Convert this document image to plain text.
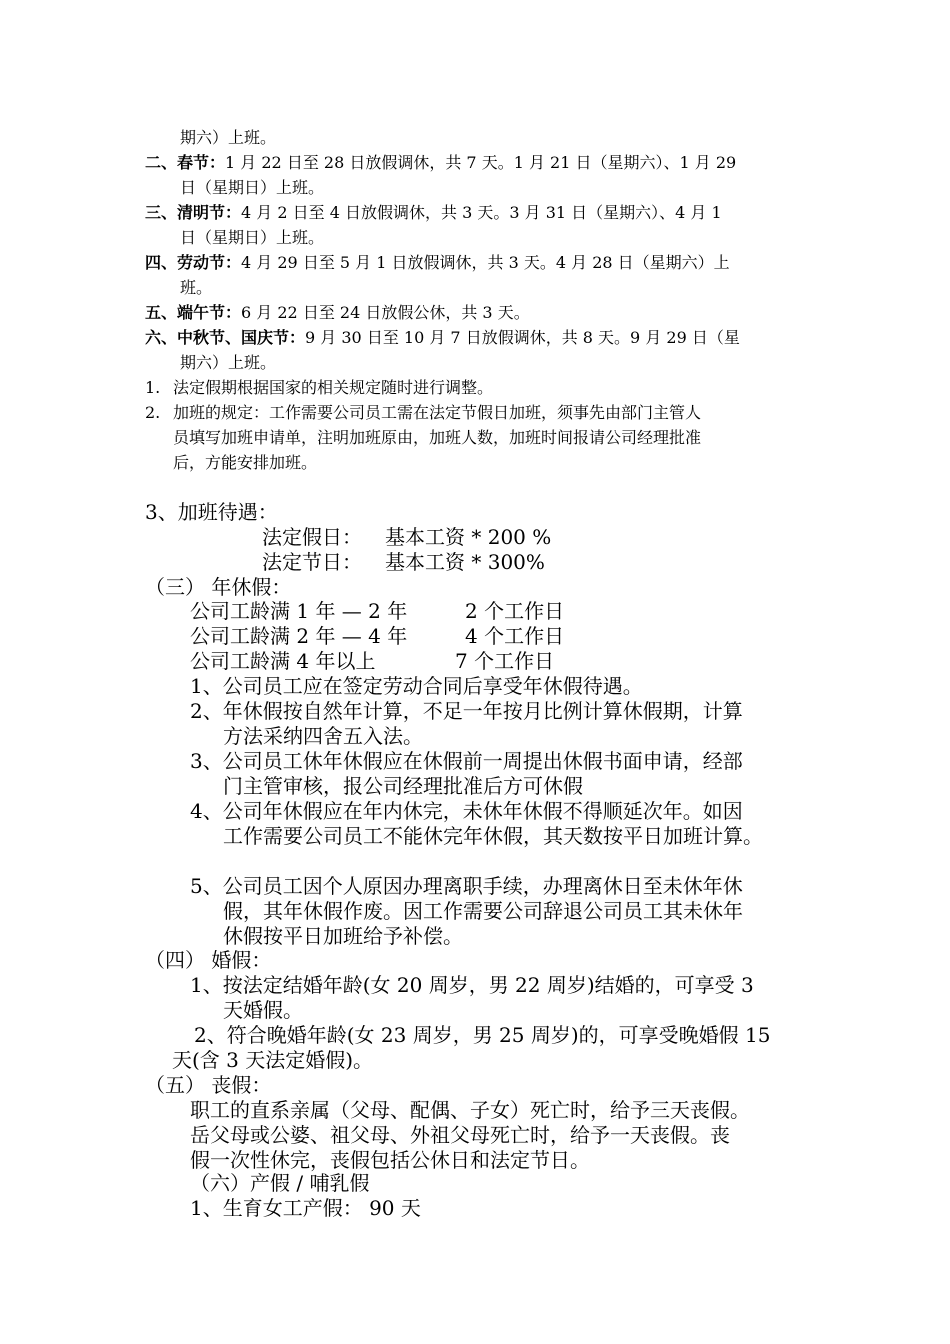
期六）上班。
二、春节：1 月 22 日至 28 日放假调休，共 7 天。1 月 21 日（星期六）、1 月 29
日（星期日）上班。
三、清明节：4 月 2 日至 4 日放假调休，共 3 天。3 月 31 日（星期六）、4 月 1
日（星期日）上班。
四、劳动节：4 月 29 日至 5 月 1 日放假调休，共 3 天。4 月 28 日（星期六）上
班。
五、端午节：6 月 22 日至 24 日放假公休，共 3 天。
六、中秋节、国庆节：9 月 30 日至 10 月 7 日放假调休，共 8 天。9 月 29 日（星
期六）上班。
1. 法定假期根据国家的相关规定随时进行调整。
2. 加班的规定：工作需要公司员工需在法定节假日加班，须事先由部门主管人
员填写加班申请单，注明加班原由，加班人数，加班时间报请公司经理批准
后，方能安排加班。
3、加班待遇：
法定假日： 基本工资 * 200 %
法定节日： 基本工资 * 300%
（三） 年休假：
公司工龄满 1 年 — 2 年	2 个工作日
公司工龄满 2 年 — 4 年	4 个工作日
公司工龄满 4 年以上	7 个工作日
1、公司员工应在签定劳动合同后享受年休假待遇。
2、年休假按自然年计算，不足一年按月比例计算休假期，计算
方法采纳四舍五入法。
3、公司员工休年休假应在休假前一周提出休假书面申请，经部
门主管审核，报公司经理批准后方可休假
4、公司年休假应在年内休完，未休年休假不得顺延次年。如因
工作需要公司员工不能休完年休假，其天数按平日加班计算。
5、公司员工因个人原因办理离职手续，办理离休日至未休年休
假，其年休假作废。因工作需要公司辞退公司员工其未休年
休假按平日加班给予补偿。
（四） 婚假：
1、按法定结婚年龄(女 20 周岁，男 22 周岁)结婚的，可享受 3
天婚假。
2、符合晚婚年龄(女 23 周岁，男 25 周岁)的，可享受晚婚假 15
天(含 3 天法定婚假)。
（五） 丧假：
职工的直系亲属（父母、配偶、子女）死亡时，给予三天丧假。
岳父母或公婆、祖父母、外祖父母死亡时，给予一天丧假。丧
假一次性休完，丧假包括公休日和法定节日。
（六）产假 / 哺乳假
1、生育女工产假： 90 天
